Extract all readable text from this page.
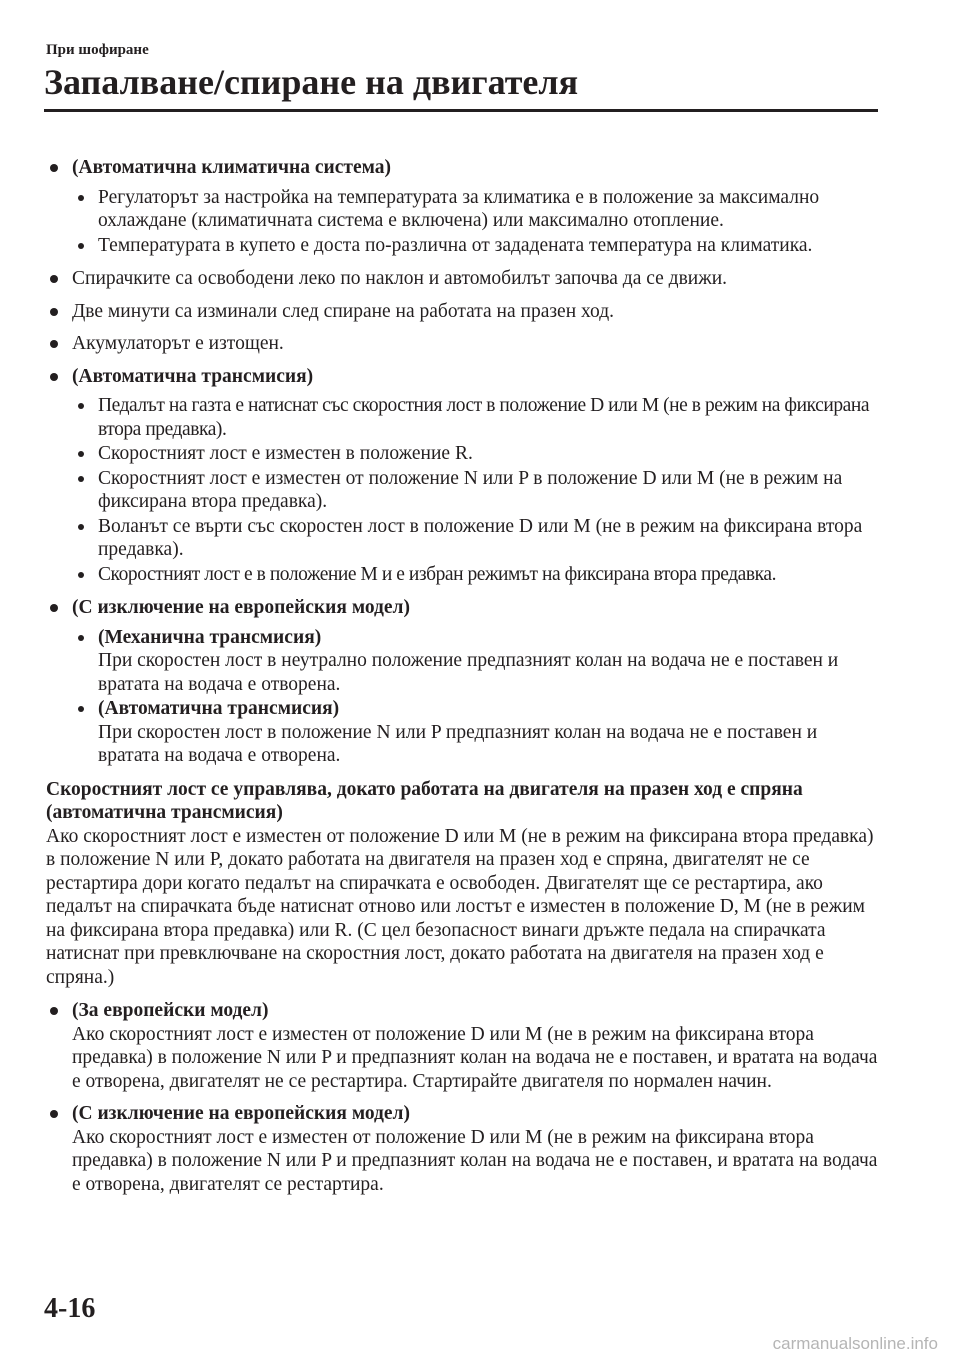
При шофиране
Запалване/спиране на двигателя
(Автоматична климатична система)
Регулаторът за настройка на температурата за климатика е в положение за максимално охлаждане (климатичната система е включена) или максимално отопление.
Температурата в купето е доста по-различна от зададената температура на климатика.
Спирачките са освободени леко по наклон и автомобилът започва да се движи.
Две минути са изминали след спиране на работата на празен ход.
Акумулаторът е изтощен.
(Автоматична трансмисия)
Педалът на газта е натиснат със скоростния лост в положение D или M (не в режим на фиксирана втора предавка).
Скоростният лост е изместен в положение R.
Скоростният лост е изместен от положение N или P в положение D или M (не в режим на фиксирана втора предавка).
Воланът се върти със скоростен лост в положение D или M (не в режим на фиксирана втора предавка).
Скоростният лост е в положение M и е избран режимът на фиксирана втора предавка.
(С изключение на европейския модел)
(Механична трансмисия)
При скоростен лост в неутрално положение предпазният колан на водача не е поставен и вратата на водача е отворена.
(Автоматична трансмисия)
При скоростен лост в положение N или P предпазният колан на водача не е поставен и вратата на водача е отворена.
Скоростният лост се управлява, докато работата на двигателя на празен ход е спряна (автоматична трансмисия)
Ако скоростният лост е изместен от положение D или M (не в режим на фиксирана втора предавка) в положение N или P, докато работата на двигателя на празен ход е спряна, двигателят не се рестартира дори когато педалът на спирачката е освободен. Двигателят ще се рестартира, ако педалът на спирачката бъде натиснат отново или лостът е изместен в положение D, M (не в режим на фиксирана втора предавка) или R. (С цел безопасност винаги дръжте педала на спирачката натиснат при превключване на скоростния лост, докато работата на двигателя на празен ход е спряна.)
(За европейски модел)
Ако скоростният лост е изместен от положение D или M (не в режим на фиксирана втора предавка) в положение N или P и предпазният колан на водача не е поставен, и вратата на водача е отворена, двигателят не се рестартира. Стартирайте двигателя по нормален начин.
(С изключение на европейския модел)
Ако скоростният лост е изместен от положение D или M (не в режим на фиксирана втора предавка) в положение N или P и предпазният колан на водача не е поставен, и вратата на водача е отворена, двигателят се рестартира.
4-16
carmanualsonline.info
